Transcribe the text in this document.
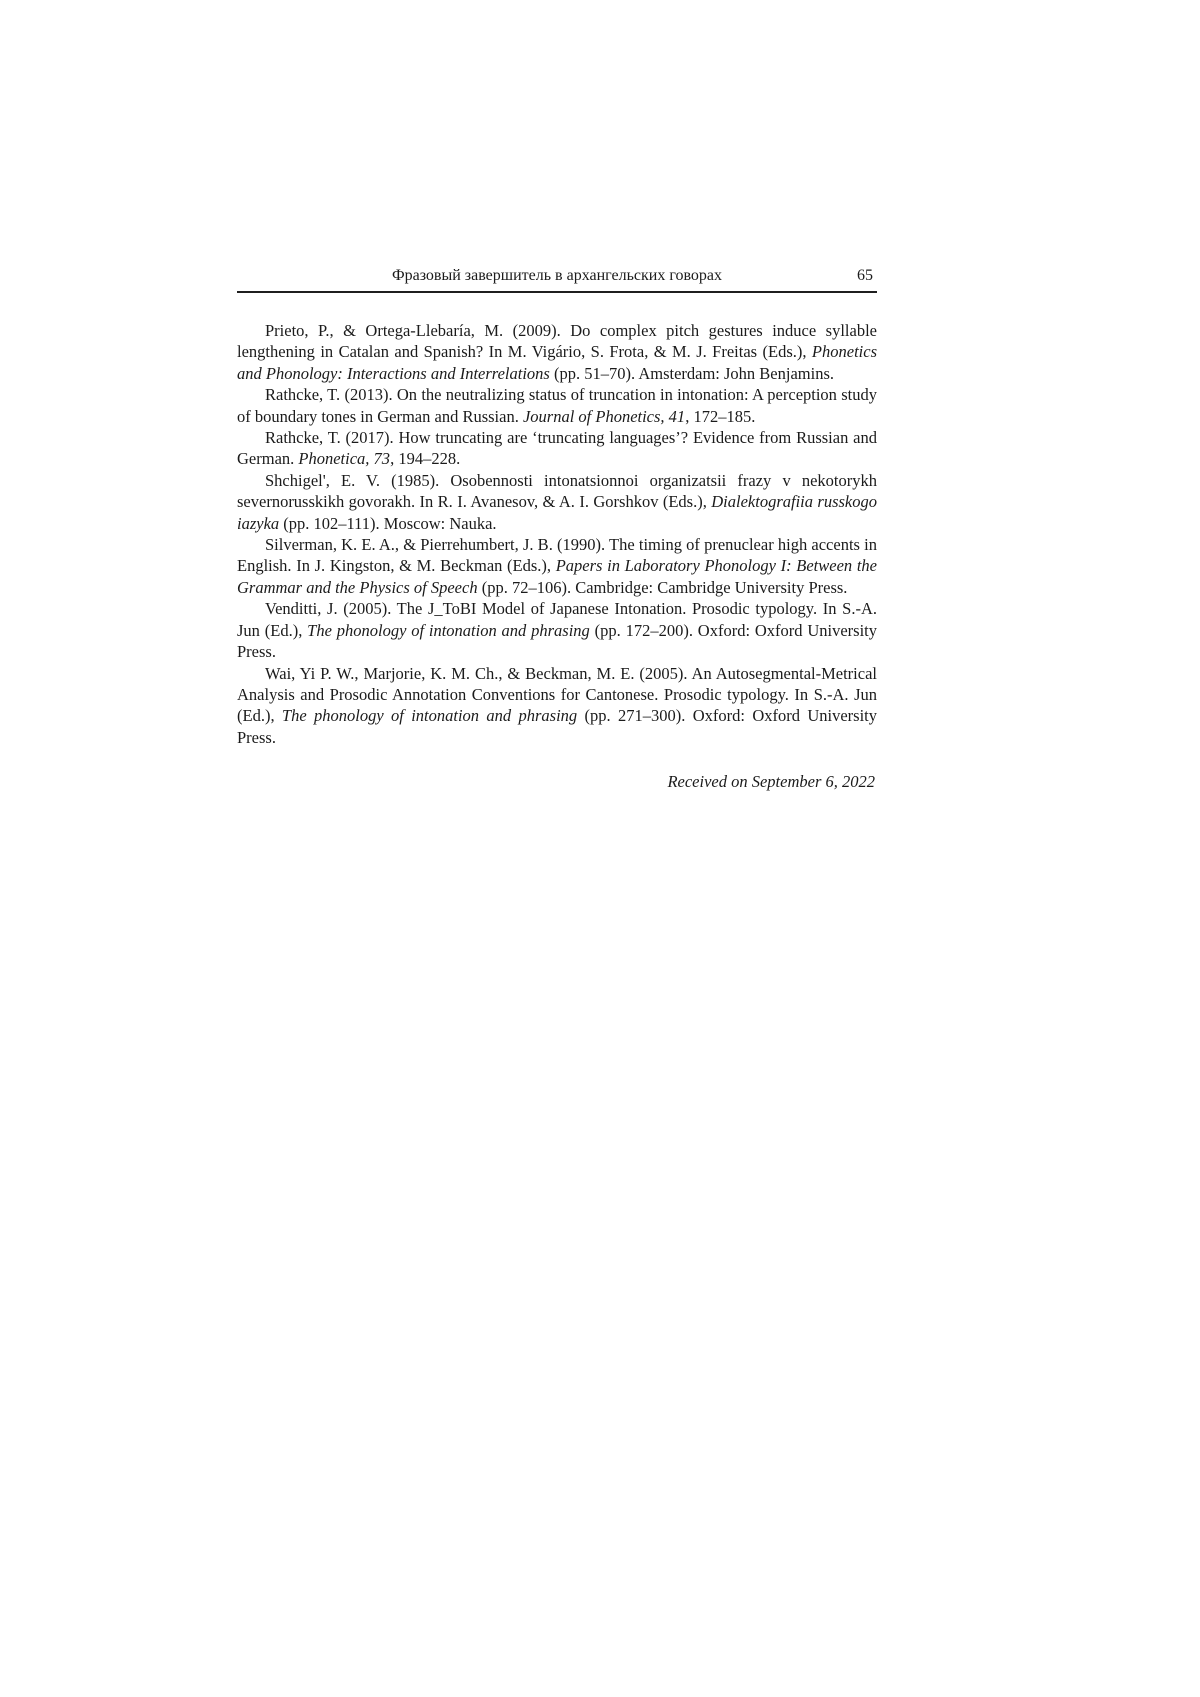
Фразовый завершитель в архангельских говорах	65

Prieto, P., & Ortega-Llebaría, M. (2009). Do complex pitch gestures induce syllable lengthening in Catalan and Spanish? In M. Vigário, S. Frota, & M. J. Freitas (Eds.), Phonetics and Phonology: Interactions and Interrelations (pp. 51–70). Amsterdam: John Benjamins.

Rathcke, T. (2013). On the neutralizing status of truncation in intonation: A perception study of boundary tones in German and Russian. Journal of Phonetics, 41, 172–185.

Rathcke, T. (2017). How truncating are ‘truncating languages’? Evidence from Russian and German. Phonetica, 73, 194–228.

Shchigel', E. V. (1985). Osobennosti intonatsionnoi organizatsii frazy v nekotorykh severnorusskikh govorakh. In R. I. Avanesov, & A. I. Gorshkov (Eds.), Dialektografiia russkogo iazyka (pp. 102–111). Moscow: Nauka.

Silverman, K. E. A., & Pierrehumbert, J. B. (1990). The timing of prenuclear high accents in English. In J. Kingston, & M. Beckman (Eds.), Papers in Laboratory Phonology I: Between the Grammar and the Physics of Speech (pp. 72–106). Cambridge: Cambridge University Press.

Venditti, J. (2005). The J_ToBI Model of Japanese Intonation. Prosodic typology. In S.-A. Jun (Ed.), The phonology of intonation and phrasing (pp. 172–200). Oxford: Oxford University Press.

Wai, Yi P. W., Marjorie, K. M. Ch., & Beckman, M. E. (2005). An Autosegmental-Metrical Analysis and Prosodic Annotation Conventions for Cantonese. Prosodic typology. In S.-A. Jun (Ed.), The phonology of intonation and phrasing (pp. 271–300). Oxford: Oxford University Press.

Received on September 6, 2022
